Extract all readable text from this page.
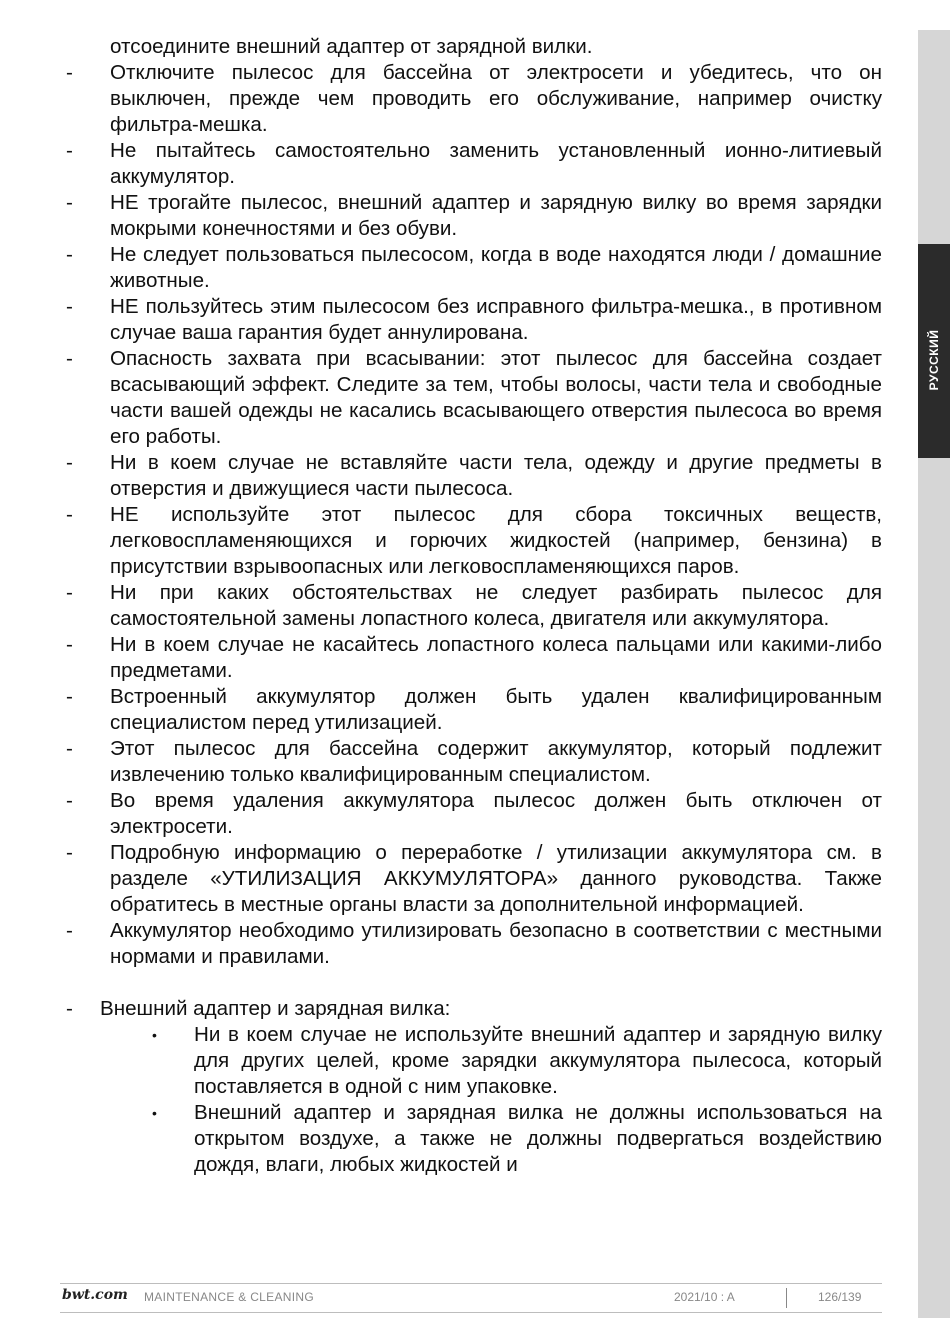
РУССКИЙ
отсоедините внешний адаптер от зарядной вилки.
- Отключите пылесос для бассейна от электросети и убедитесь, что он выключен, прежде чем проводить его обслуживание, например очистку фильтра-мешка.
- Не пытайтесь самостоятельно заменить установленный ионно-литиевый аккумулятор.
- НЕ трогайте пылесос, внешний адаптер и зарядную вилку во время зарядки мокрыми конечностями и без обуви.
- Не следует пользоваться пылесосом, когда в воде находятся люди / домашние животные.
- НЕ пользуйтесь этим пылесосом без исправного фильтра-мешка., в противном случае ваша гарантия будет аннулирована.
- Опасность захвата при всасывании: этот пылесос для бассейна создает всасывающий эффект. Следите за тем, чтобы волосы, части тела и свободные части вашей одежды не касались всасывающего отверстия пылесоса во время его работы.
- Ни в коем случае не вставляйте части тела, одежду и другие предметы в отверстия и движущиеся части пылесоса.
- НЕ используйте этот пылесос для сбора токсичных веществ, легковоспламеняющихся и горючих жидкостей (например, бензина) в присутствии взрывоопасных или легковоспламеняющихся паров.
- Ни при каких обстоятельствах не следует разбирать пылесос для самостоятельной замены лопастного колеса, двигателя или аккумулятора.
- Ни в коем случае не касайтесь лопастного колеса пальцами или какими-либо предметами.
- Встроенный аккумулятор должен быть удален квалифицированным специалистом перед утилизацией.
- Этот пылесос для бассейна содержит аккумулятор, который подлежит извлечению только квалифицированным специалистом.
- Во время удаления аккумулятора пылесос должен быть отключен от электросети.
- Подробную информацию о переработке / утилизации аккумулятора см. в разделе «УТИЛИЗАЦИЯ АККУМУЛЯТОРА» данного руководства. Также обратитесь в местные органы власти за дополнительной информацией.
- Аккумулятор необходимо утилизировать безопасно в соответствии с местными нормами и правилами.
- Внешний адаптер и зарядная вилка:
• Ни в коем случае не используйте внешний адаптер и зарядную вилку для других целей, кроме зарядки аккумулятора пылесоса, который поставляется в одной с ним упаковке.
• Внешний адаптер и зарядная вилка не должны использоваться на открытом воздухе, а также не должны подвергаться воздействию дождя, влаги, любых жидкостей и
bwt.com MAINTENANCE & CLEANING	2021/10 : A	126/139
